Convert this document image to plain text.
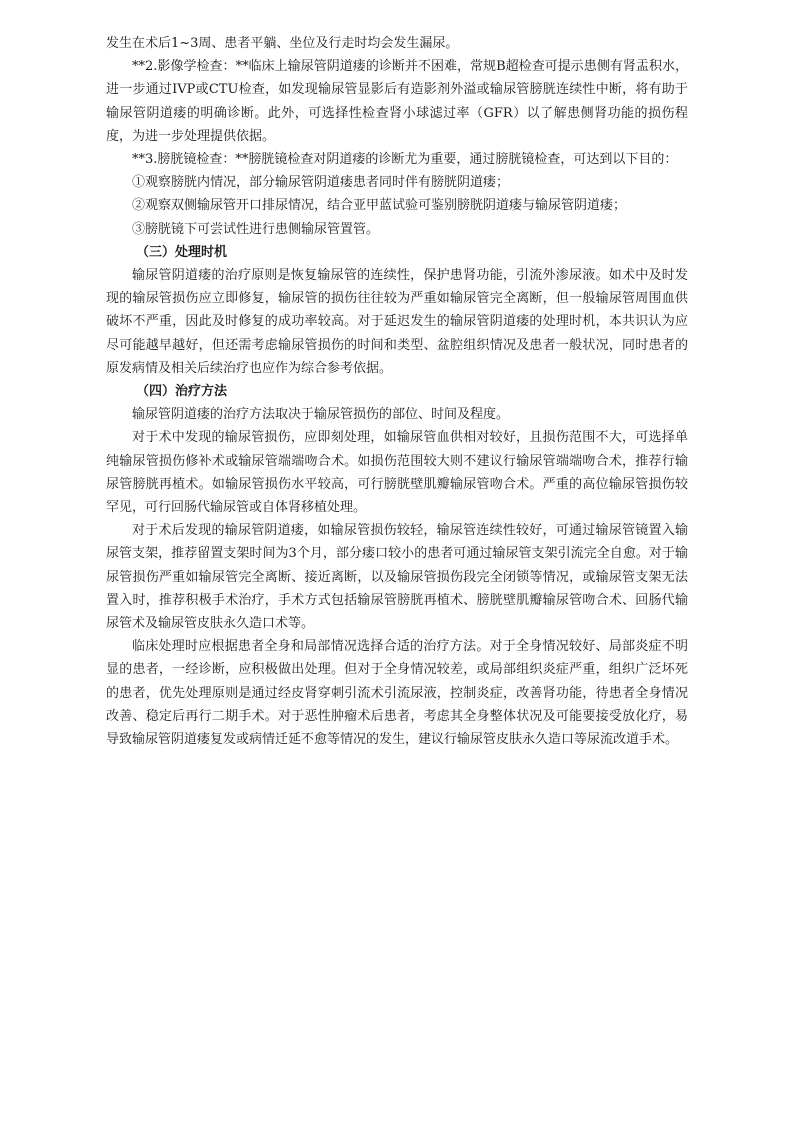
发生在术后1~3周、患者平躺、坐位及行走时均会发生漏尿。

**2.影像学检查：**临床上输尿管阴道瘘的诊断并不困难，常规B超检查可提示患侧有肾盂积水，进一步通过IVP或CTU检查，如发现输尿管显影后有造影剂外溢或输尿管膀胱连续性中断，将有助于输尿管阴道瘘的明确诊断。此外，可选择性检查肾小球滤过率（GFR）以了解患侧肾功能的损伤程度，为进一步处理提供依据。

**3.膀胱镜检查：**膀胱镜检查对阴道瘘的诊断尤为重要，通过膀胱镜检查，可达到以下目的：

①观察膀胱内情况，部分输尿管阴道瘘患者同时伴有膀胱阴道瘘；

②观察双侧输尿管开口排尿情况，结合亚甲蓝试验可鉴别膀胱阴道瘘与输尿管阴道瘘；

③膀胱镜下可尝试性进行患侧输尿管置管。

（三）处理时机

输尿管阴道瘘的治疗原则是恢复输尿管的连续性，保护患肾功能，引流外渗尿液。如术中及时发现的输尿管损伤应立即修复，输尿管的损伤往往较为严重如输尿管完全离断，但一般输尿管周围血供破坏不严重，因此及时修复的成功率较高。对于延迟发生的输尿管阴道瘘的处理时机，本共识认为应尽可能越早越好，但还需考虑输尿管损伤的时间和类型、盆腔组织情况及患者一般状况，同时患者的原发病情及相关后续治疗也应作为综合参考依据。

（四）治疗方法

输尿管阴道瘘的治疗方法取决于输尿管损伤的部位、时间及程度。

对于术中发现的输尿管损伤，应即刻处理，如输尿管血供相对较好，且损伤范围不大，可选择单纯输尿管损伤修补术或输尿管端端吻合术。如损伤范围较大则不建议行输尿管端端吻合术，推荐行输尿管膀胱再植术。如输尿管损伤水平较高，可行膀胱壁肌瓣输尿管吻合术。严重的高位输尿管损伤较罕见，可行回肠代输尿管或自体肾移植处理。

对于术后发现的输尿管阴道瘘，如输尿管损伤较轻，输尿管连续性较好，可通过输尿管镜置入输尿管支架，推荐留置支架时间为3个月，部分瘘口较小的患者可通过输尿管支架引流完全自愈。对于输尿管损伤严重如输尿管完全离断、接近离断，以及输尿管损伤段完全闭锁等情况，或输尿管支架无法置入时，推荐积极手术治疗，手术方式包括输尿管膀胱再植术、膀胱壁肌瓣输尿管吻合术、回肠代输尿管术及输尿管皮肤永久造口术等。

临床处理时应根据患者全身和局部情况选择合适的治疗方法。对于全身情况较好、局部炎症不明显的患者，一经诊断，应积极做出处理。但对于全身情况较差，或局部组织炎症严重，组织广泛坏死的患者，优先处理原则是通过经皮肾穿刺引流术引流尿液，控制炎症，改善肾功能，待患者全身情况改善、稳定后再行二期手术。对于恶性肿瘤术后患者，考虑其全身整体状况及可能要接受放化疗，易导致输尿管阴道瘘复发或病情迁延不愈等情况的发生，建议行输尿管皮肤永久造口等尿流改道手术。
